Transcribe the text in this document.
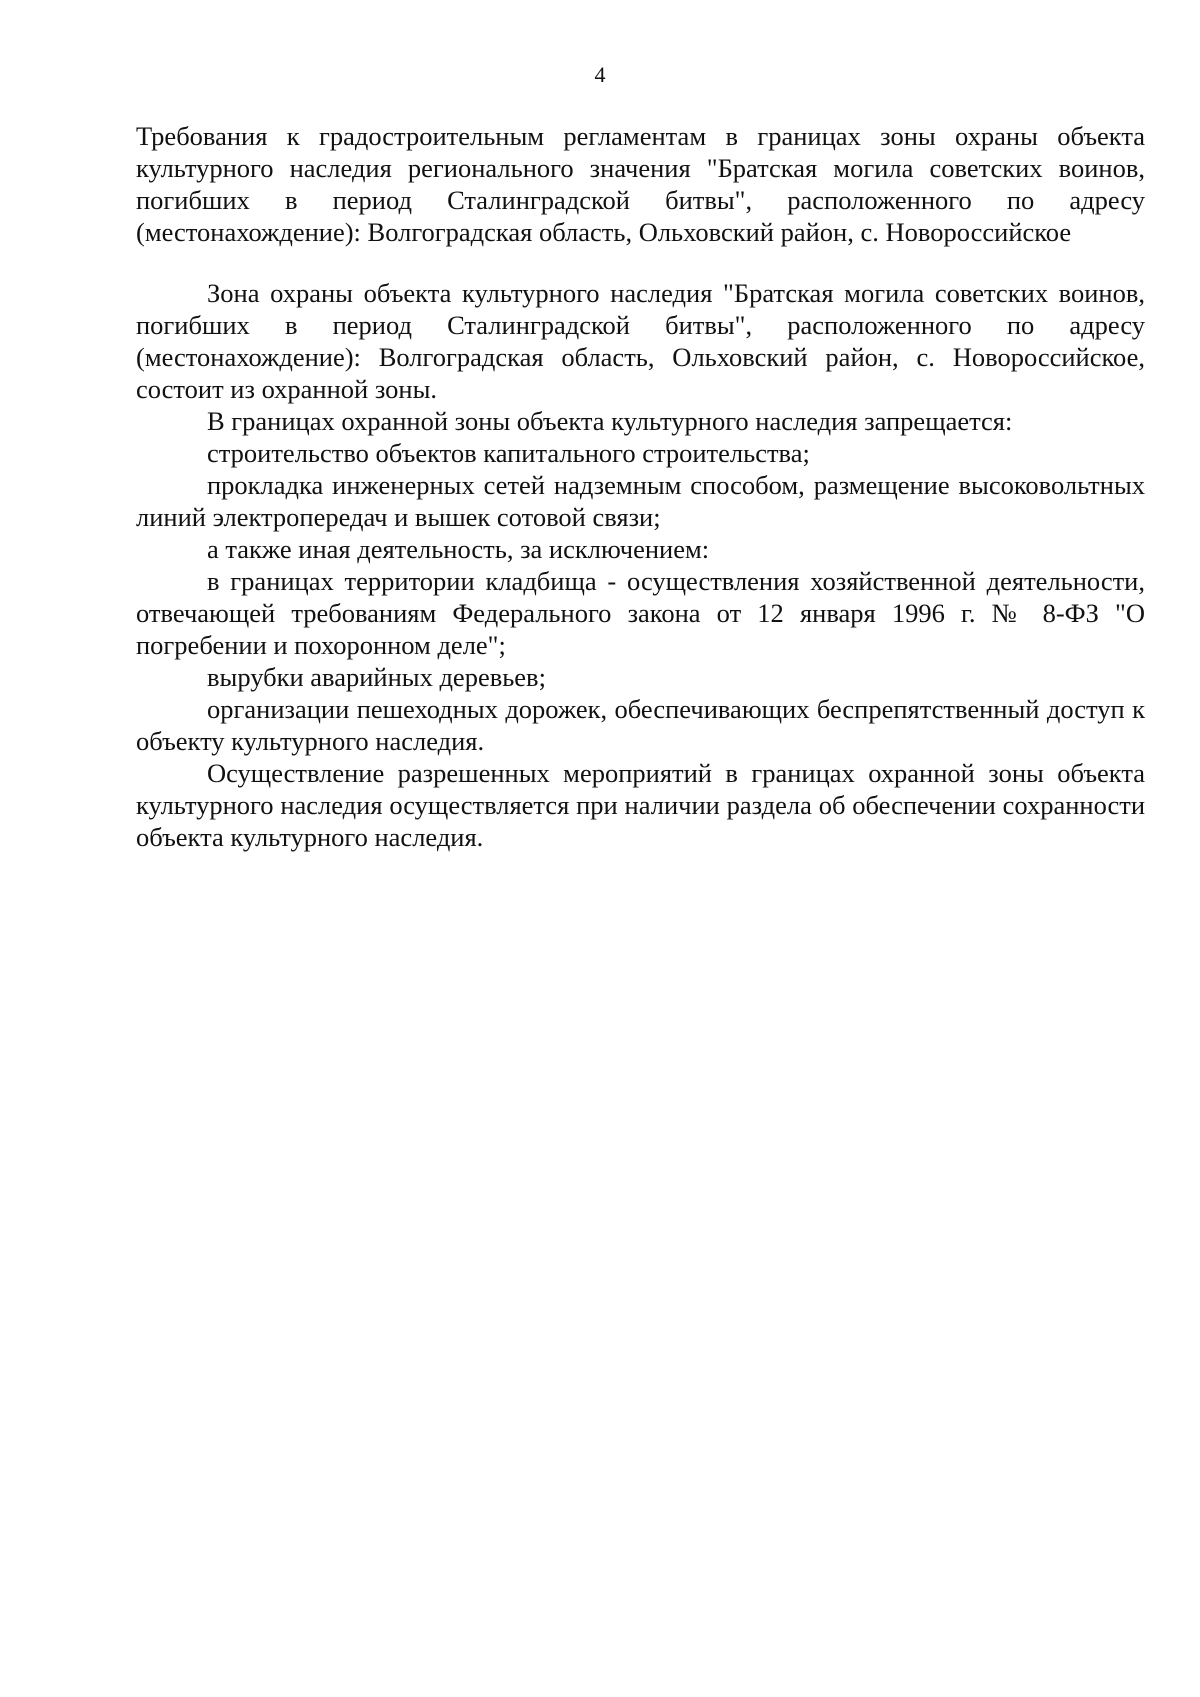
4

Требования к градостроительным регламентам в границах зоны охраны объекта культурного наследия регионального значения "Братская могила советских воинов, погибших в период Сталинградской битвы", расположенного по адресу (местонахождение): Волгоградская область, Ольховский район, с. Новороссийское

Зона охраны объекта культурного наследия "Братская могила советских воинов, погибших в период Сталинградской битвы", расположенного по адресу (местонахождение): Волгоградская область, Ольховский район, с. Новороссийское, состоит из охранной зоны.

В границах охранной зоны объекта культурного наследия запрещается:

строительство объектов капитального строительства;

прокладка инженерных сетей надземным способом, размещение высоковольтных линий электропередач и вышек сотовой связи;

а также иная деятельность, за исключением:

в границах территории кладбища - осуществления хозяйственной деятельности, отвечающей требованиям Федерального закона от 12 января 1996 г. № 8-ФЗ "О погребении и похоронном деле";

вырубки аварийных деревьев;

организации пешеходных дорожек, обеспечивающих беспрепятственный доступ к объекту культурного наследия.

Осуществление разрешенных мероприятий в границах охранной зоны объекта культурного наследия осуществляется при наличии раздела об обеспечении сохранности объекта культурного наследия.
